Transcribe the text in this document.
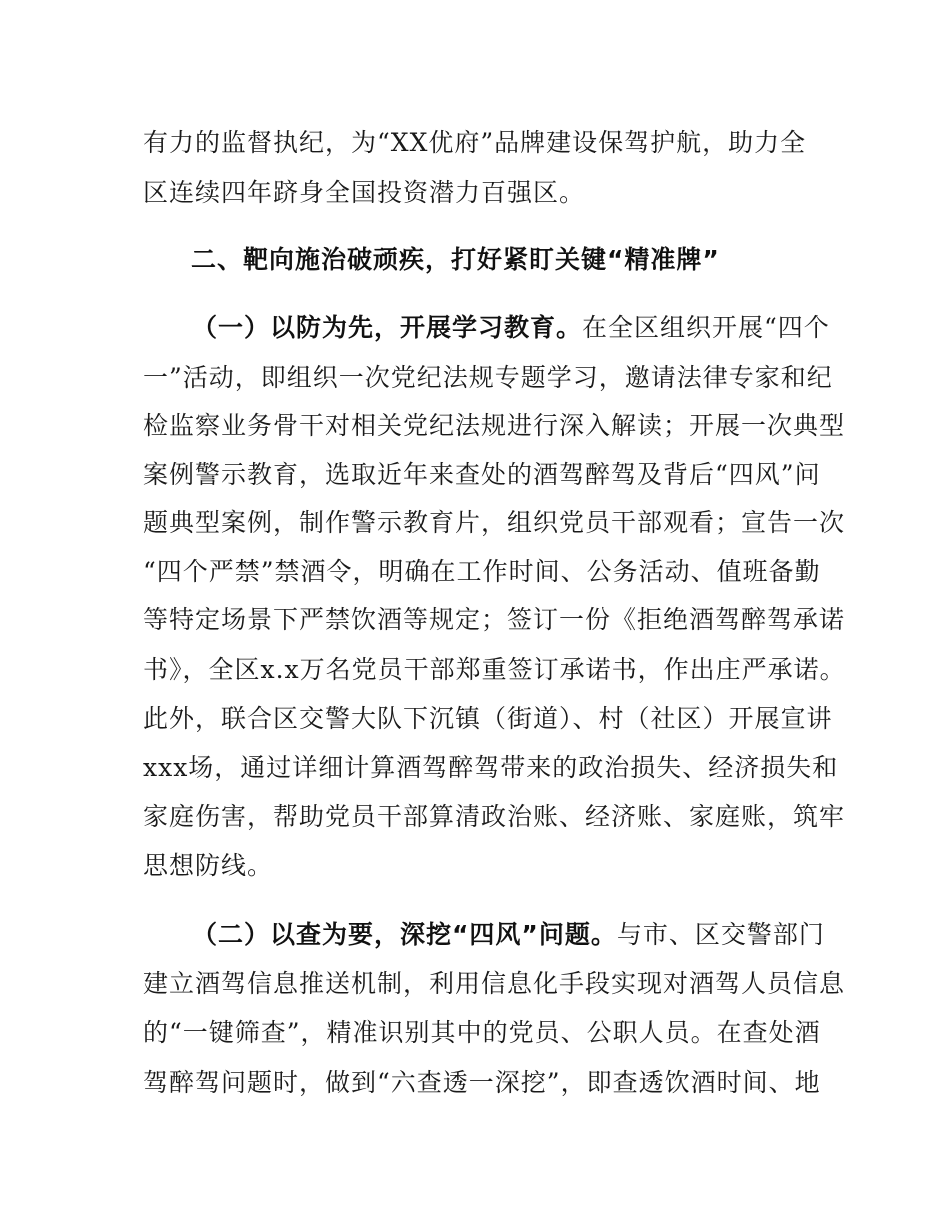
有力的监督执纪，为“XX优府”品牌建设保驾护航，助力全
区连续四年跻身全国投资潜力百强区。
二、靶向施治破顽疾，打好紧盯关键“精准牌”
（一）以防为先，开展学习教育。在全区组织开展“四个
一”活动，即组织一次党纪法规专题学习，邀请法律专家和纪
检监察业务骨干对相关党纪法规进行深入解读；开展一次典型
案例警示教育，选取近年来查处的酒驾醉驾及背后“四风”问
题典型案例，制作警示教育片，组织党员干部观看；宣告一次
“四个严禁”禁酒令，明确在工作时间、公务活动、值班备勤
等特定场景下严禁饮酒等规定；签订一份《拒绝酒驾醉驾承诺
书》，全区x.x万名党员干部郑重签订承诺书，作出庄严承诺。
此外，联合区交警大队下沉镇（街道）、村（社区）开展宣讲
xxx场，通过详细计算酒驾醉驾带来的政治损失、经济损失和
家庭伤害，帮助党员干部算清政治账、经济账、家庭账，筑牢
思想防线。
（二）以查为要，深挖“四风”问题。与市、区交警部门
建立酒驾信息推送机制，利用信息化手段实现对酒驾人员信息
的“一键筛查”，精准识别其中的党员、公职人员。在查处酒
驾醉驾问题时，做到“六查透一深挖”，即查透饮酒时间、地
